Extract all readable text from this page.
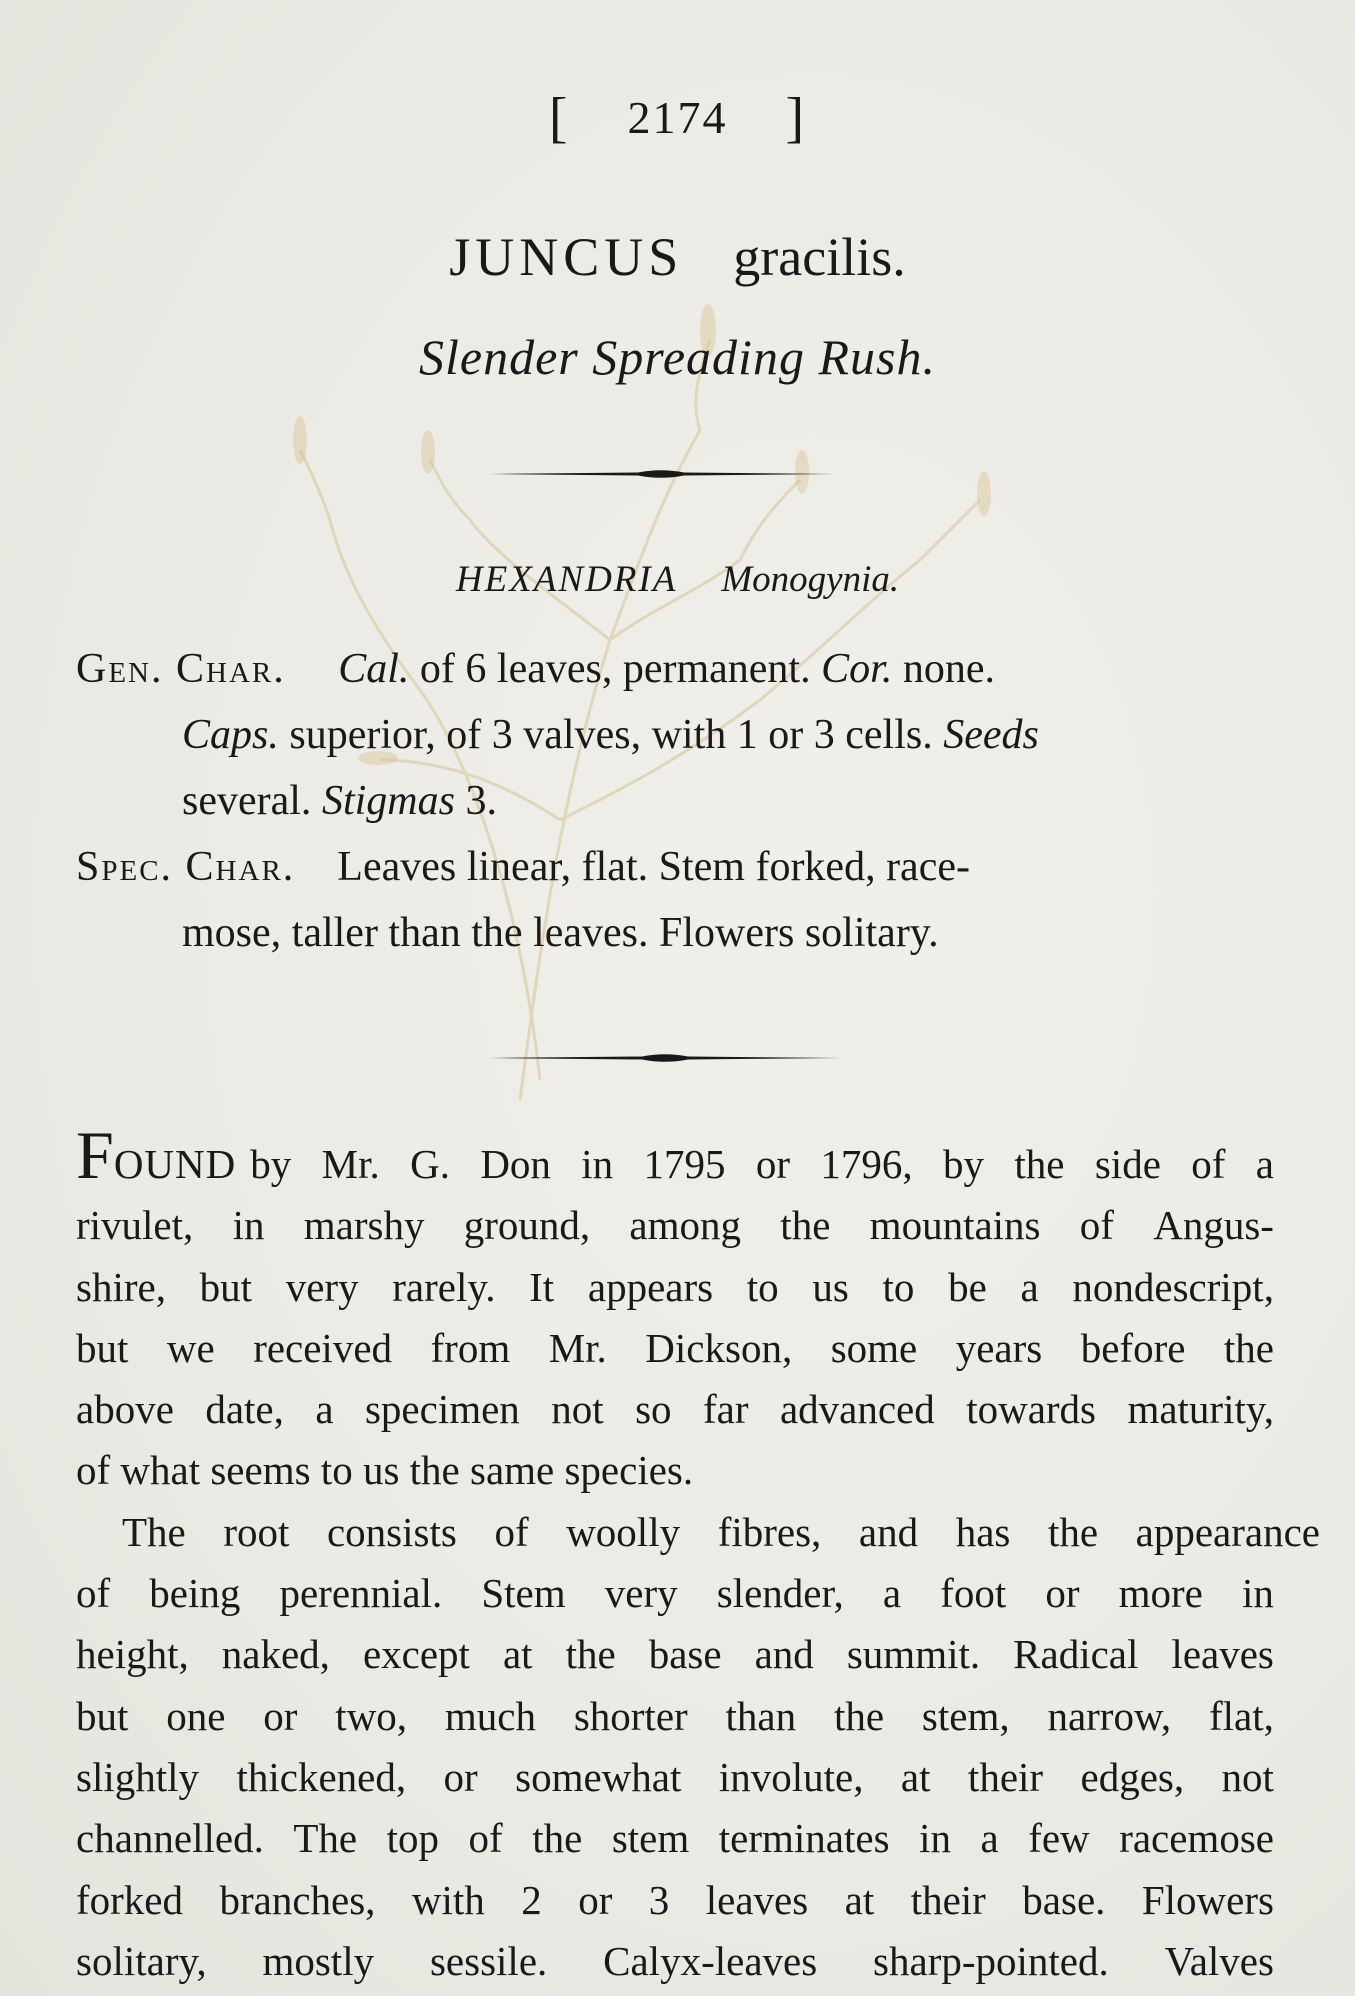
[ 2174 ]
JUNCUS gracilis.
Slender Spreading Rush.
HEXANDRIA Monogynia.
Gen. Char. Cal. of 6 leaves, permanent. Cor. none.
Caps. superior, of 3 valves, with 1 or 3 cells. Seeds
several. Stigmas 3.
Spec. Char. Leaves linear, flat. Stem forked, race-
mose, taller than the leaves. Flowers solitary.
FOUND by Mr. G. Don in 1795 or 1796, by the side of a
rivulet, in marshy ground, among the mountains of Angus-
shire, but very rarely. It appears to us to be a nondescript,
but we received from Mr. Dickson, some years before the
above date, a specimen not so far advanced towards maturity,
of what seems to us the same species.
The root consists of woolly fibres, and has the appearance
of being perennial. Stem very slender, a foot or more in
height, naked, except at the base and summit. Radical leaves
but one or two, much shorter than the stem, narrow, flat,
slightly thickened, or somewhat involute, at their edges, not
channelled. The top of the stem terminates in a few racemose
forked branches, with 2 or 3 leaves at their base. Flowers
solitary, mostly sessile. Calyx-leaves sharp-pointed. Valves
